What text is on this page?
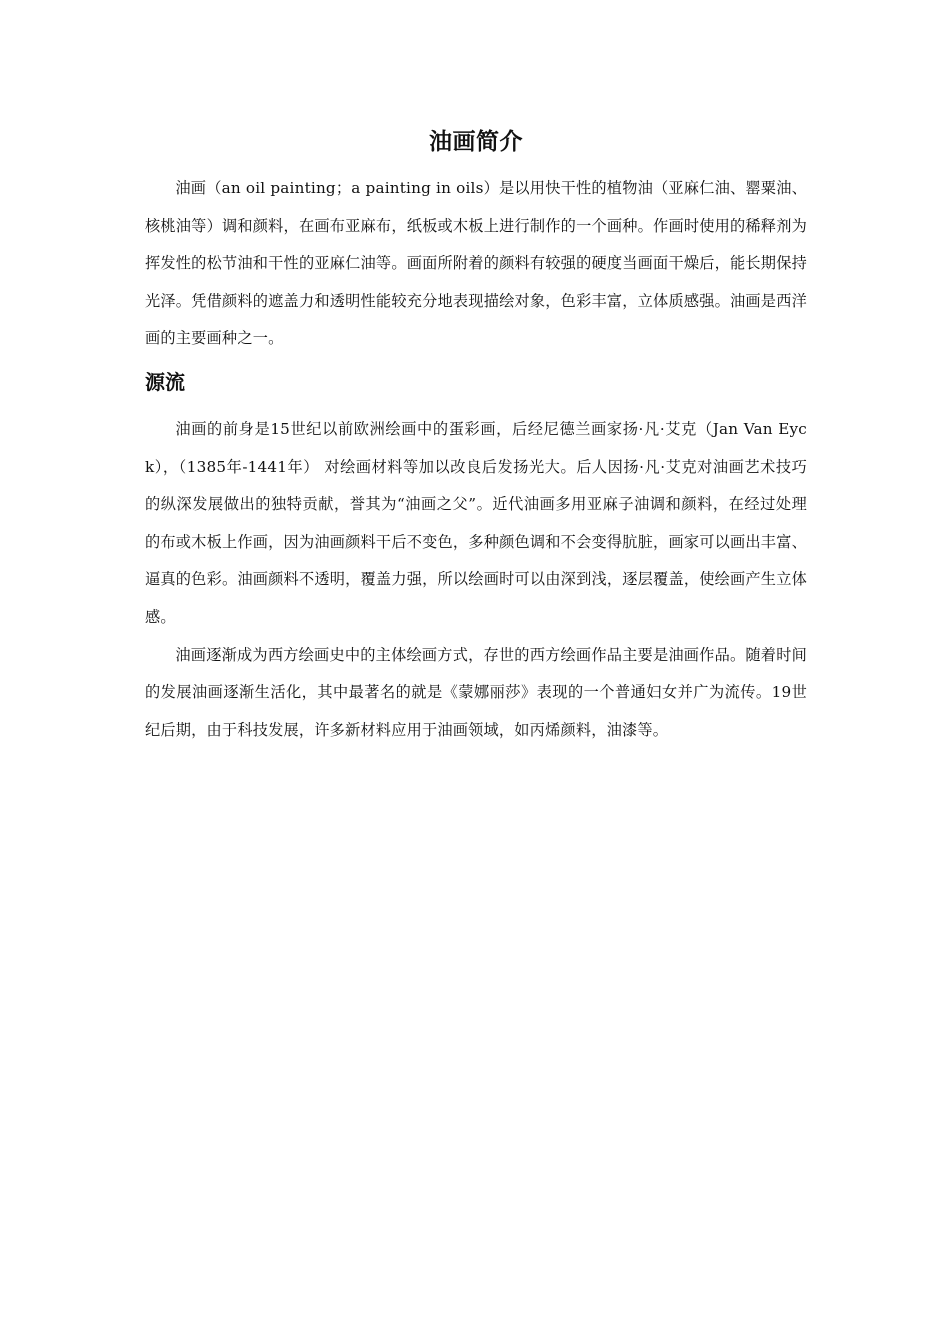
油画简介

油画（an oil painting；a painting in oils）是以用快干性的植物油（亚麻仁油、罂粟油、核桃油等）调和颜料，在画布亚麻布，纸板或木板上进行制作的一个画种。作画时使用的稀释剂为挥发性的松节油和干性的亚麻仁油等。画面所附着的颜料有较强的硬度当画面干燥后，能长期保持光泽。凭借颜料的遮盖力和透明性能较充分地表现描绘对象，色彩丰富，立体质感强。油画是西洋画的主要画种之一。

源流

油画的前身是15世纪以前欧洲绘画中的蛋彩画，后经尼德兰画家扬·凡·艾克（Jan Van Eyck），（1385年-1441年） 对绘画材料等加以改良后发扬光大。后人因扬·凡·艾克对油画艺术技巧的纵深发展做出的独特贡献，誉其为“油画之父”。近代油画多用亚麻子油调和颜料，在经过处理的布或木板上作画，因为油画颜料干后不变色，多种颜色调和不会变得肮脏，画家可以画出丰富、逼真的色彩。油画颜料不透明，覆盖力强，所以绘画时可以由深到浅，逐层覆盖，使绘画产生立体感。

油画逐渐成为西方绘画史中的主体绘画方式，存世的西方绘画作品主要是油画作品。随着时间的发展油画逐渐生活化，其中最著名的就是《蒙娜丽莎》表现的一个普通妇女并广为流传。19世纪后期，由于科技发展，许多新材料应用于油画领域，如丙烯颜料，油漆等。
